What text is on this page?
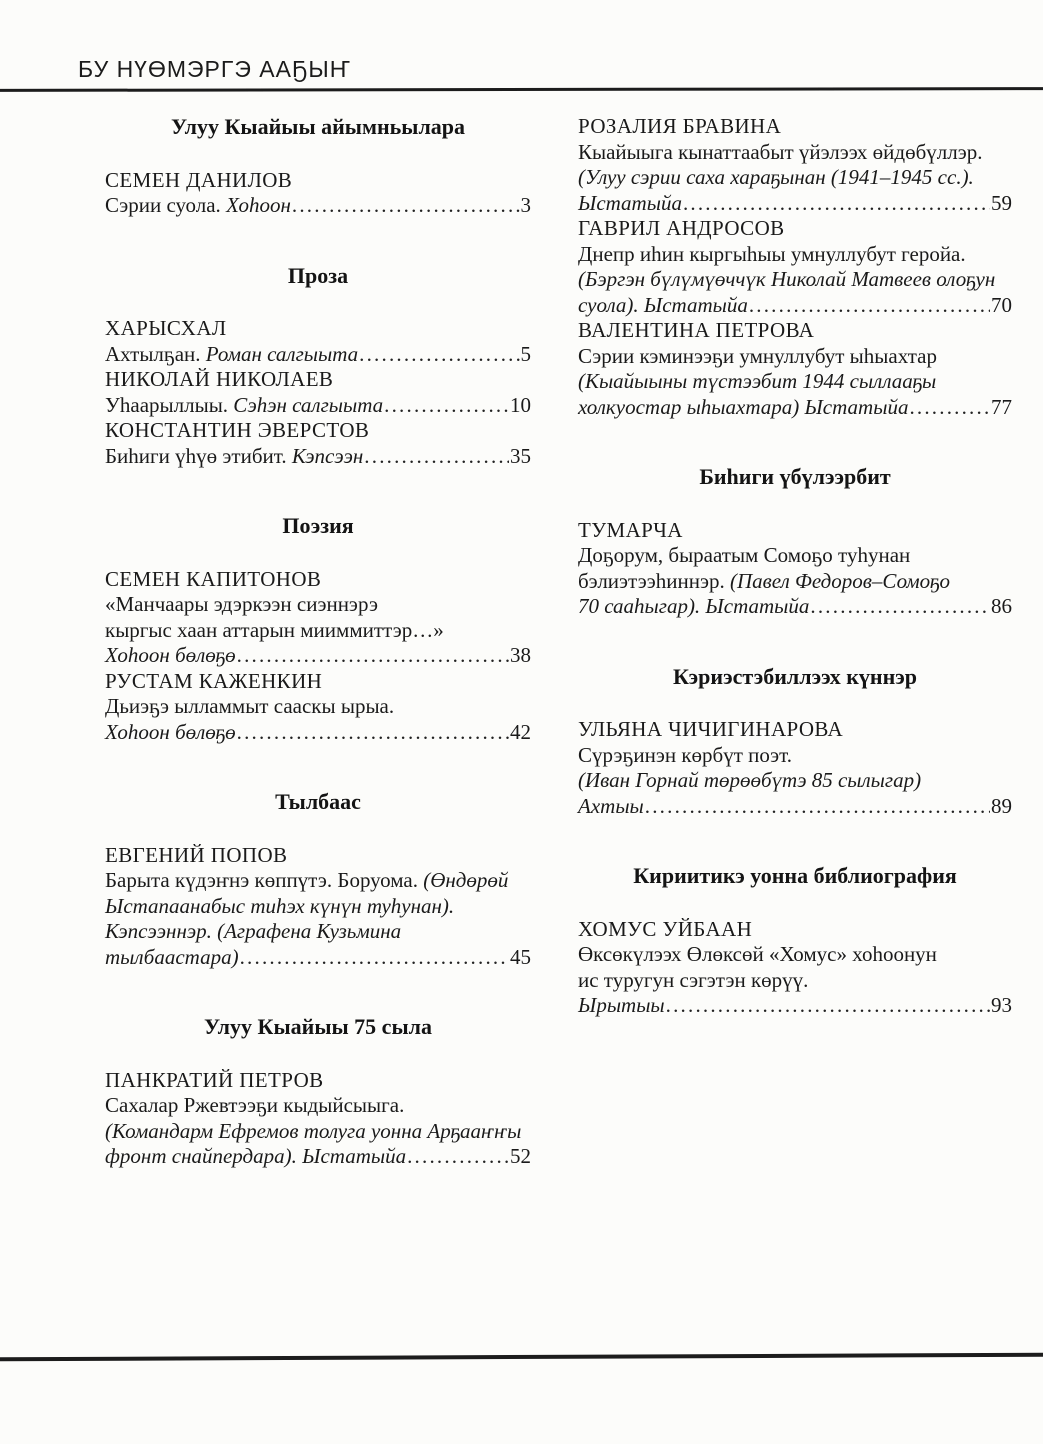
БУ НҮӨМЭРГЭ ААҔЫҤ
Улуу Кыайыы айымньылара
СЕМЕН ДАНИЛОВ
Сэрии суола. Хоһоон .....	3
Проза
ХАРЫСХАЛ
Ахтылҕан. Роман салгыыта .....	5
НИКОЛАЙ НИКОЛАЕВ
Уһаарыллыы. Сэһэн салгыыта .....	10
КОНСТАНТИН ЭВЕРСТОВ
Биһиги үһүө этибит. Кэпсээн .....	35
Поэзия
СЕМЕН КАПИТОНОВ
«Манчаары эдэркээн сиэннэрэ
кыргыс хаан аттарын мииммиттэр…»
Хоһоон бөлөҕө .....	38
РУСТАМ КАЖЕНКИН
Дьиэҕэ ылламмыт сааскы ырыа.
Хоһоон бөлөҕө .....	42
Тылбаас
ЕВГЕНИЙ ПОПОВ
Барыта күдэҥнэ көппүтэ. Боруома. (Өндөрөй
Ыстапаанабыс тиһэх күнүн туһунан).
Кэпсээннэр. (Аграфена Кузьмина
тылбаастара) .....	45
Улуу Кыайыы 75 сыла
ПАНКРАТИЙ ПЕТРОВ
Сахалар Ржевтээҕи кыдыйсыыга.
(Командарм Ефремов толуга уонна Арҕааҥҥы
фронт снайпердара). Ыстатыйа .....	52
РОЗАЛИЯ БРАВИНА
Кыайыыга кынаттаабыт үйэлээх өйдөбүллэр.
(Улуу сэрии саха хараҕынан (1941–1945 сс.).
Ыстатыйа .....	59
ГАВРИЛ АНДРОСОВ
Днепр иһин кыргыһыы умнуллубут геройа.
(Бэргэн бүлүмүөччүк Николай Матвеев олоҕун
суола). Ыстатыйа .....	70
ВАЛЕНТИНА ПЕТРОВА
Сэрии кэминээҕи умнуллубут ыһыахтар
(Кыайыыны түстээбит 1944 сыллааҕы
холкуостар ыһыахтара) Ыстатыйа .....	77
Биһиги үбүлээрбит
ТУМАРЧА
Доҕорум, быраатым Сомоҕо туһунан
бэлиэтээһиннэр. (Павел Федоров–Сомоҕо
70 сааһыгар). Ыстатыйа .....	86
Кэриэстэбиллээх күннэр
УЛЬЯНА ЧИЧИГИНАРОВА
Сүрэҕинэн көрбүт поэт.
(Иван Горнай төрөөбүтэ 85 сылыгар)
Ахтыы .....	89
Кириитикэ уонна библиография
ХОМУС УЙБААН
Өксөкүлээх Өлөксөй «Хомус» хоһоонун
ис туругун сэгэтэн көрүү.
Ырытыы .....	93
